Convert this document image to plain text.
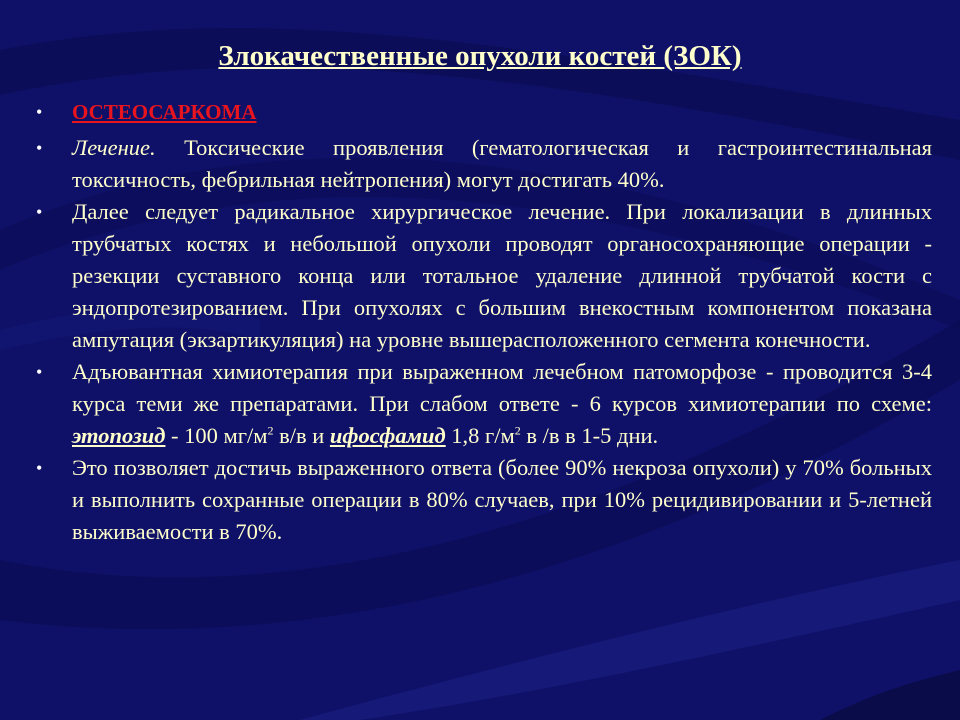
Злокачественные опухоли костей (ЗОК)
• ОСТЕОСАРКОМА
• Лечение. Токсические проявления (гематологическая и гастроинтестинальная токсичность, фебрильная нейтропения) могут достигать 40%.
• Далее следует радикальное хирургическое лечение. При локализации в длинных трубчатых костях и небольшой опухоли проводят органосохраняющие операции - резекции суставного конца или тотальное удаление длинной трубчатой кости с эндопротезированием. При опухолях с большим внекостным компонентом показана ампутация (экзартикуляция) на уровне вышерасположенного сегмента конечности.
• Адъювантная химиотерапия при выраженном лечебном патоморфозе - проводится 3-4 курса теми же препаратами. При слабом ответе - 6 курсов химиотерапии по схеме: этопозид - 100 $мг/м^2$ в/в и ифосфамид 1,8 $г/м^2$ в /в в 1-5 дни.
• Это позволяет достичь выраженного ответа (более 90% некроза опухоли) у 70% больных и выполнить сохранные операции в 80% случаев, при 10% рецидивировании и 5-летней выживаемости в 70%.
